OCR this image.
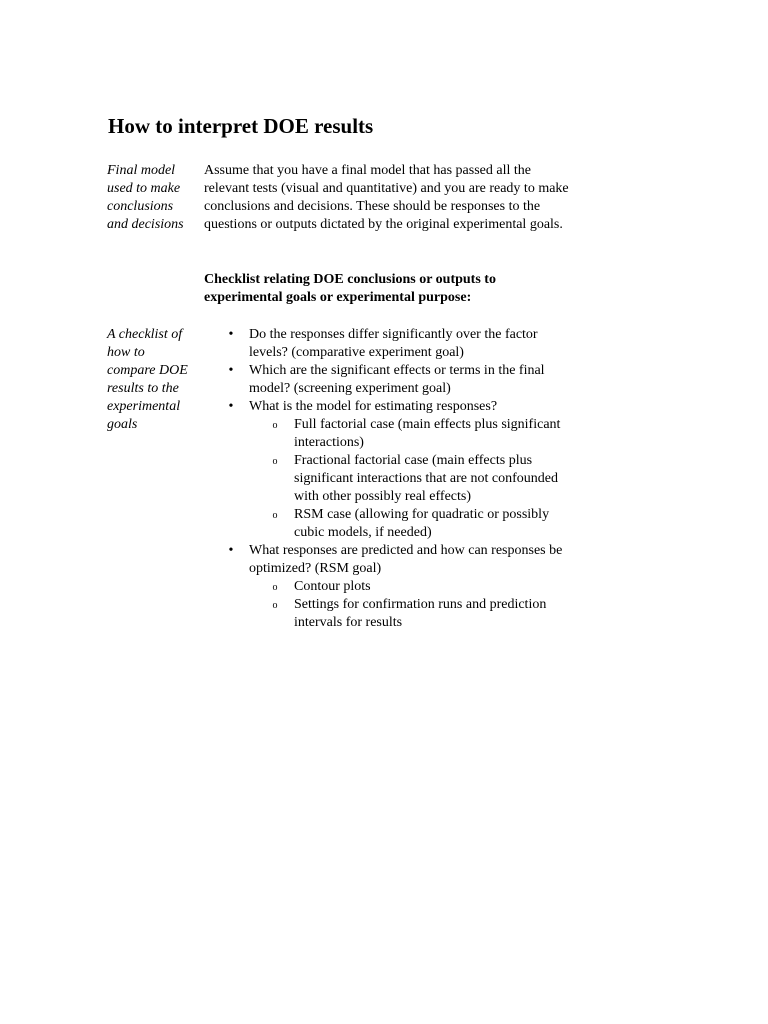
How to interpret DOE results

Final model used to make conclusions and decisions

Assume that you have a final model that has passed all the relevant tests (visual and quantitative) and you are ready to make conclusions and decisions. These should be responses to the questions or outputs dictated by the original experimental goals.

Checklist relating DOE conclusions or outputs to experimental goals or experimental purpose:

A checklist of how to compare DOE results to the experimental goals

• Do the responses differ significantly over the factor levels? (comparative experiment goal)
• Which are the significant effects or terms in the final model? (screening experiment goal)
• What is the model for estimating responses?
o Full factorial case (main effects plus significant interactions)
o Fractional factorial case (main effects plus significant interactions that are not confounded with other possibly real effects)
o RSM case (allowing for quadratic or possibly cubic models, if needed)
• What responses are predicted and how can responses be optimized? (RSM goal)
o Contour plots
o Settings for confirmation runs and prediction intervals for results
